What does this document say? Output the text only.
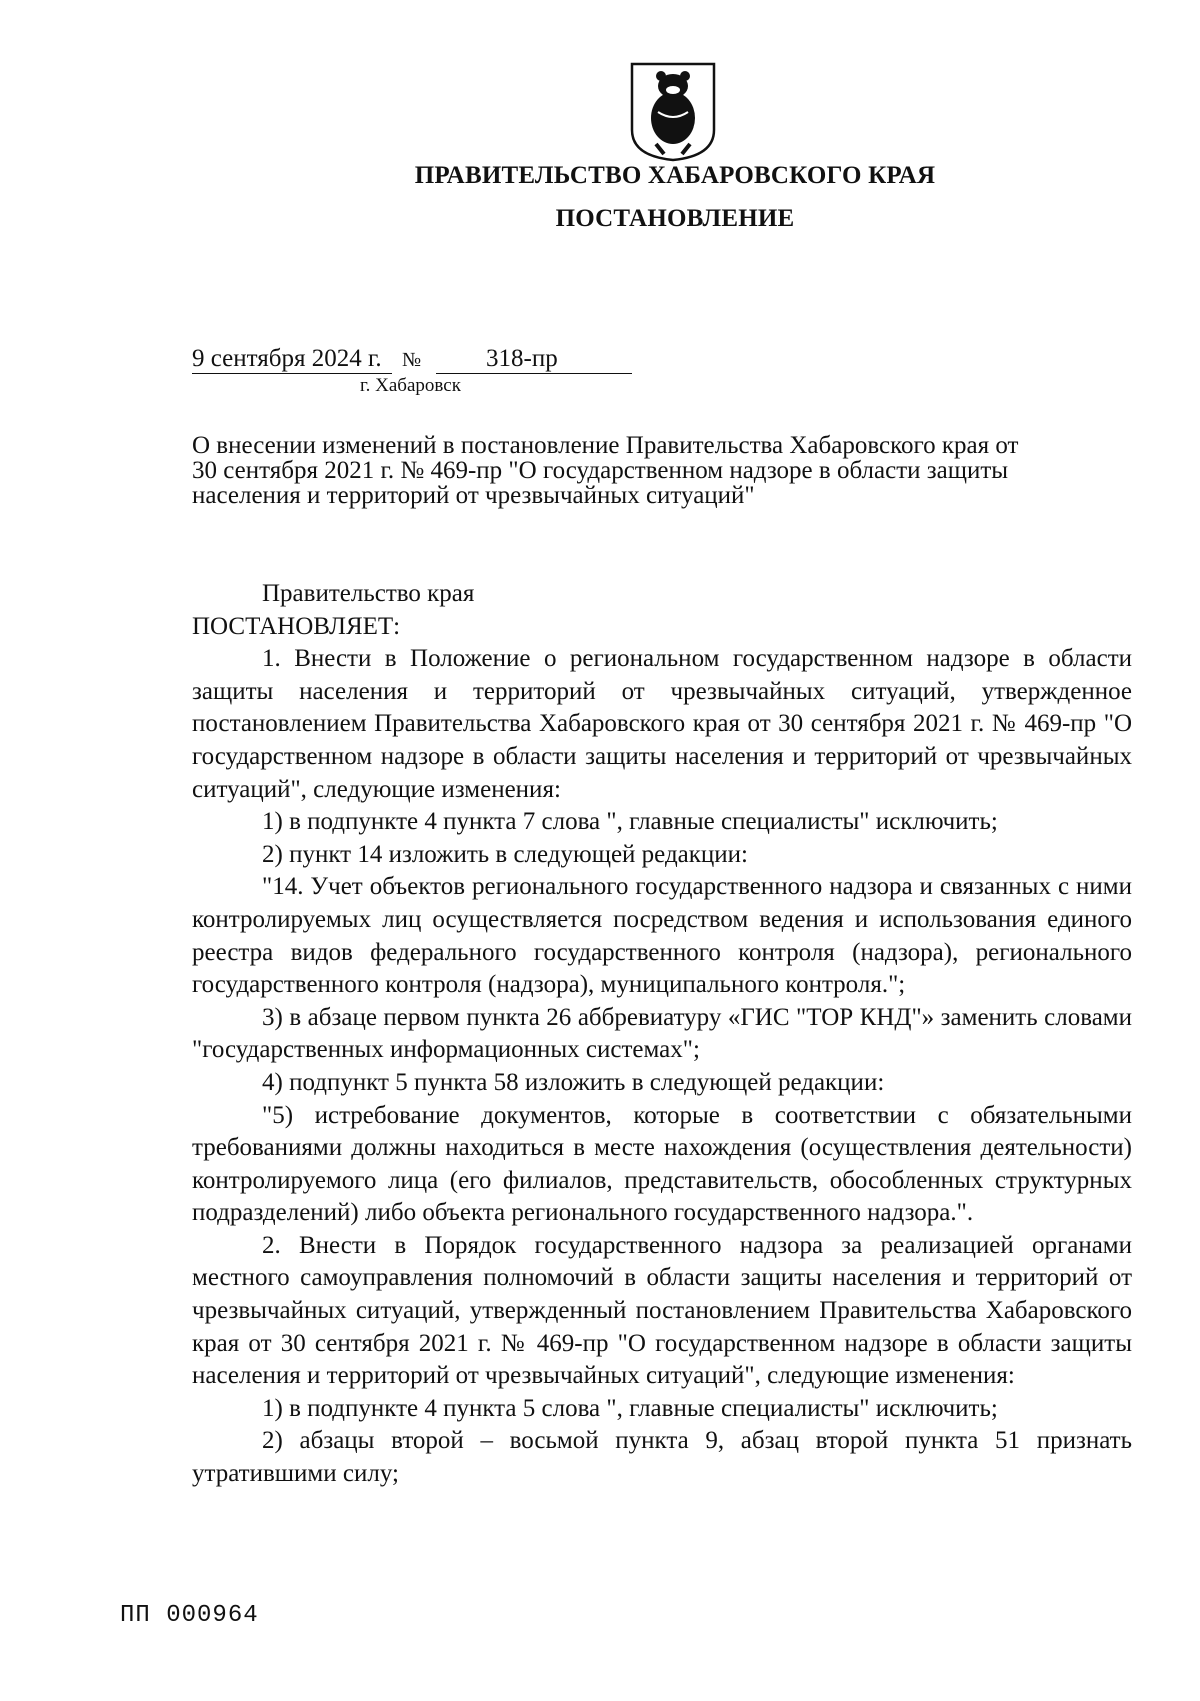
ПРАВИТЕЛЬСТВО ХАБАРОВСКОГО КРАЯ
ПОСТАНОВЛЕНИЕ
9 сентября 2024 г. №	318-пр
г. Хабаровск
О внесении изменений в постановление Правительства Хабаровского края от
30 сентября 2021 г. № 469-пр "О государственном надзоре в области защиты
населения и территорий от чрезвычайных ситуаций"

Правительство края

ПОСТАНОВЛЯЕТ:

1. Внести в Положение о региональном государственном надзоре в области защиты населения и территорий от чрезвычайных ситуаций, утвержденное постановлением Правительства Хабаровского края от 30 сентября 2021 г. № 469-пр "О государственном надзоре в области защиты населения и территорий от чрезвычайных ситуаций", следующие изменения:

1) в подпункте 4 пункта 7 слова ", главные специалисты" исключить;

2) пункт 14 изложить в следующей редакции:

"14. Учет объектов регионального государственного надзора и связанных с ними контролируемых лиц осуществляется посредством ведения и использования единого реестра видов федерального государственного контроля (надзора), регионального государственного контроля (надзора), муниципального контроля.";

3) в абзаце первом пункта 26 аббревиатуру «ГИС "ТОР КНД"» заменить словами "государственных информационных системах";

4) подпункт 5 пункта 58 изложить в следующей редакции:

"5) истребование документов, которые в соответствии с обязательными требованиями должны находиться в месте нахождения (осуществления деятельности) контролируемого лица (его филиалов, представительств, обособленных структурных подразделений) либо объекта регионального государственного надзора.".

2. Внести в Порядок государственного надзора за реализацией органами местного самоуправления полномочий в области защиты населения и территорий от чрезвычайных ситуаций, утвержденный постановлением Правительства Хабаровского края от 30 сентября 2021 г. № 469-пр "О государственном надзоре в области защиты населения и территорий от чрезвычайных ситуаций", следующие изменения:

1) в подпункте 4 пункта 5 слова ", главные специалисты" исключить;

2) абзацы второй – восьмой пункта 9, абзац второй пункта 51 признать утратившими силу;

ПП 000964
